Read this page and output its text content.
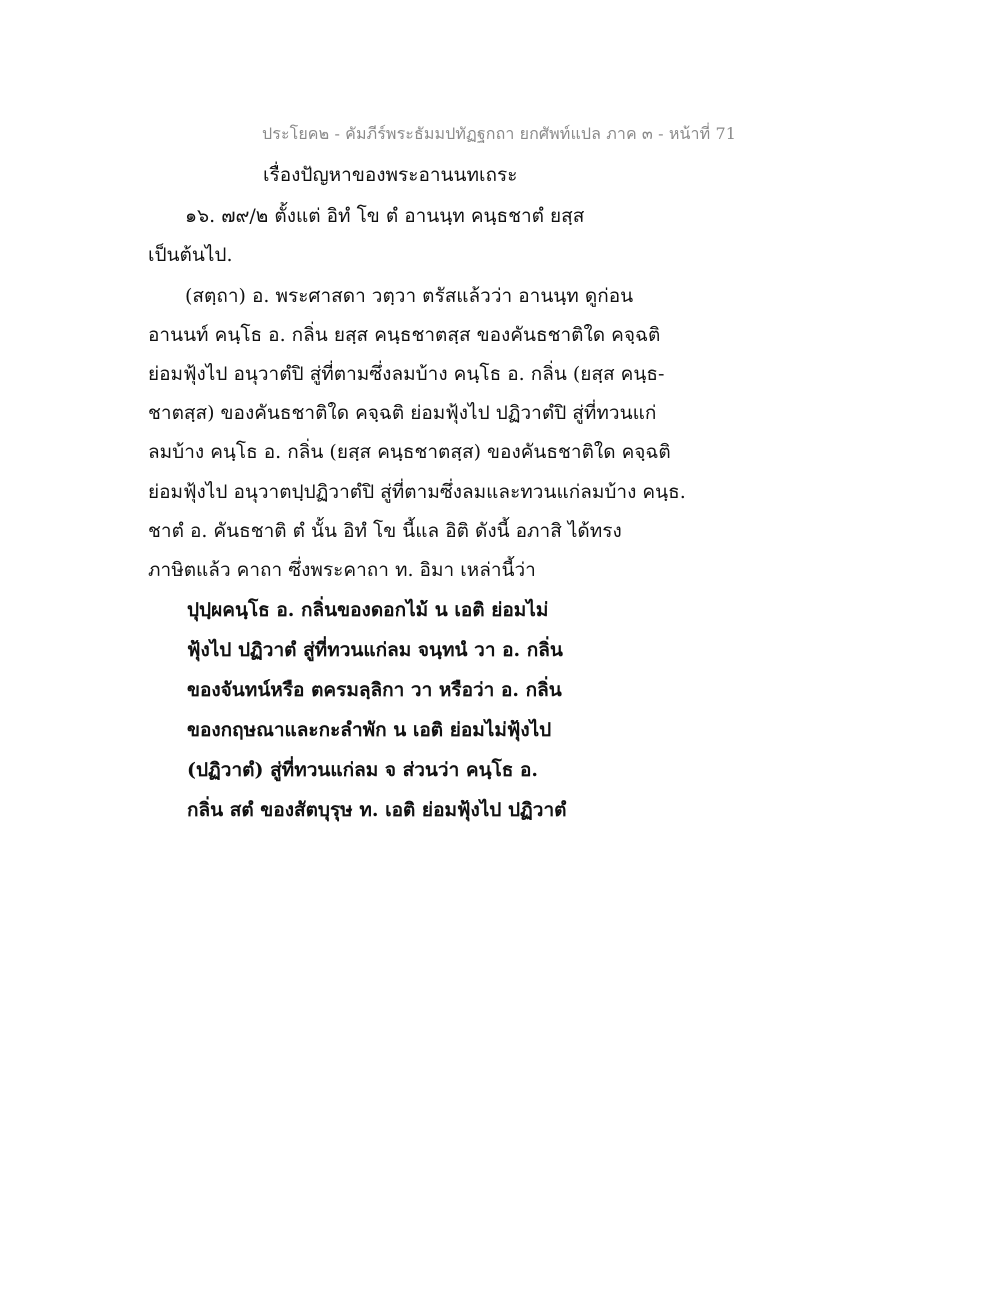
ประโยค๒ - คัมภีร์พระธัมมปทัฏฐกถา ยกศัพท์แปล ภาค ๓ - หน้าที่ 71
เรื่องปัญหาของพระอานนทเถระ
๑๖. ๗๙/๒ ตั้งแต่ อิทํ โข ตํ อานนฺท คนฺธชาตํ ยสฺส
เป็นต้นไป.
(สตฺถา) อ. พระศาสดา วตฺวา ตรัสแล้วว่า อานนฺท ดูก่อน
อานนท์ คนฺโธ อ. กลิ่น ยสฺส คนฺธชาตสฺส ของคันธชาติใด คจฺฉติ
ย่อมฟุ้งไป อนุวาตํปิ สู่ที่ตามซึ่งลมบ้าง คนฺโธ อ. กลิ่น (ยสฺส คนฺธ-
ชาตสฺส) ของคันธชาติใด คจฺฉติ ย่อมฟุ้งไป ปฏิวาตํปิ สู่ที่ทวนแก่
ลมบ้าง คนฺโธ อ. กลิ่น (ยสฺส คนฺธชาตสฺส) ของคันธชาติใด คจฺฉติ
ย่อมฟุ้งไป อนุวาตปฺปฏิวาตํปิ สู่ที่ตามซึ่งลมและทวนแก่ลมบ้าง คนฺธ.
ชาตํ อ. คันธชาติ ตํ นั้น อิทํ โข นี้แล อิติ ดังนี้ อภาสิ ได้ทรง
ภาษิตแล้ว คาถา ซึ่งพระคาถา ท. อิมา เหล่านี้ว่า
ปุปฺผคนฺโธ อ. กลิ่นของดอกไม้ น เอติ ย่อมไม่
ฟุ้งไป ปฏิวาตํ สู่ที่ทวนแก่ลม จนฺทนํ วา อ. กลิ่น
ของจันทน์หรือ ตครมลฺลิกา วา หรือว่า อ. กลิ่น
ของกฤษณาและกะลำพัก น เอติ ย่อมไม่ฟุ้งไป
(ปฏิวาตํ) สู่ที่ทวนแก่ลม จ ส่วนว่า คนฺโธ อ.
กลิ่น สตํ ของสัตบุรุษ ท. เอติ ย่อมฟุ้งไป ปฏิวาตํ
